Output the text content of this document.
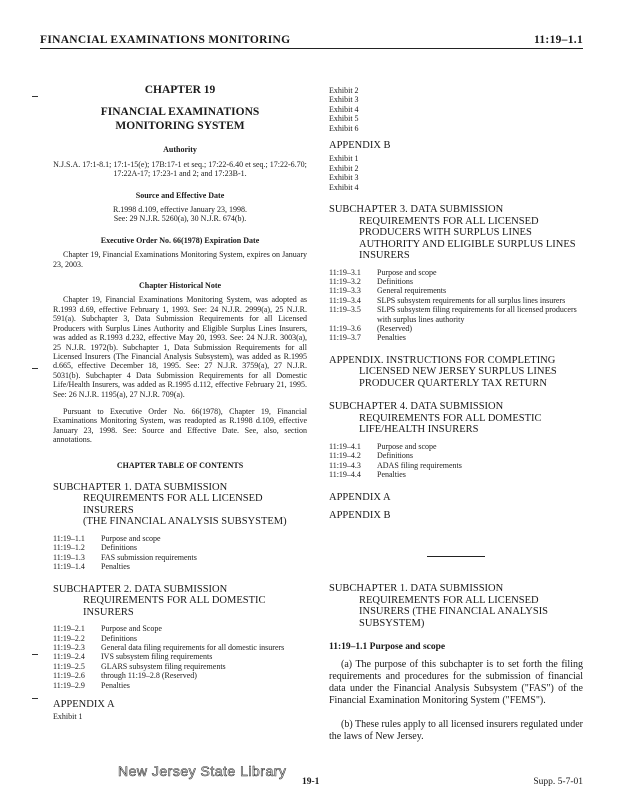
FINANCIAL EXAMINATIONS MONITORING	11:19–1.1
CHAPTER 19
FINANCIAL EXAMINATIONS
MONITORING SYSTEM
Authority
N.J.S.A. 17:1-8.1; 17:1-15(e); 17B:17-1 et seq.; 17:22-6.40 et seq.; 17:22-6.70; 17:22A-17; 17:23-1 and 2; and 17:23B-1.
Source and Effective Date
R.1998 d.109, effective January 23, 1998.
See: 29 N.J.R. 5260(a), 30 N.J.R. 674(b).
Executive Order No. 66(1978) Expiration Date

Chapter 19, Financial Examinations Monitoring System, expires on January 23, 2003.

Chapter Historical Note

Chapter 19, Financial Examinations Monitoring System, was adopted as R.1993 d.69, effective February 1, 1993. See: 24 N.J.R. 2999(a), 25 N.J.R. 591(a). Subchapter 3, Data Submission Requirements for all Licensed Producers with Surplus Lines Authority and Eligible Surplus Lines Insurers, was added as R.1993 d.232, effective May 20, 1993. See: 24 N.J.R. 3003(a), 25 N.J.R. 1972(b). Subchapter 1, Data Submission Requirements for all Licensed Insurers (The Financial Analysis Subsystem), was added as R.1995 d.665, effective December 18, 1995. See: 27 N.J.R. 3759(a), 27 N.J.R. 5031(b). Subchapter 4 Data Submission Requirements for all Domestic Life/Health Insurers, was added as R.1995 d.112, effective February 21, 1995. See: 26 N.J.R. 1195(a), 27 N.J.R. 709(a).

Pursuant to Executive Order No. 66(1978), Chapter 19, Financial Examinations Monitoring System, was readopted as R.1998 d.109, effective January 23, 1998. See: Source and Effective Date. See, also, section annotations.

CHAPTER TABLE OF CONTENTS
SUBCHAPTER 1. DATA SUBMISSION
REQUIREMENTS FOR ALL LICENSED INSURERS
(THE FINANCIAL ANALYSIS SUBSYSTEM)
11:19–1.1	Purpose and scope
11:19–1.2	Definitions
11:19–1.3	FAS submission requirements
11:19–1.4	Penalties
SUBCHAPTER 2. DATA SUBMISSION
REQUIREMENTS FOR ALL DOMESTIC
INSURERS
11:19–2.1	Purpose and Scope
11:19–2.2	Definitions
11:19–2.3	General data filing requirements for all domestic insurers
11:19–2.4	IVS subsystem filing requirements
11:19–2.5	GLARS subsystem filing requirements
11:19–2.6	through 11:19–2.8 (Reserved)
11:19–2.9	Penalties
APPENDIX A
Exhibit 1
Exhibit 2
Exhibit 3
Exhibit 4
Exhibit 5
Exhibit 6
APPENDIX B
Exhibit 1
Exhibit 2
Exhibit 3
Exhibit 4
SUBCHAPTER 3. DATA SUBMISSION
REQUIREMENTS FOR ALL LICENSED
PRODUCERS WITH SURPLUS LINES
AUTHORITY AND ELIGIBLE SURPLUS LINES
INSURERS
11:19–3.1	Purpose and scope
11:19–3.2	Definitions
11:19–3.3	General requirements
11:19–3.4	SLPS subsystem requirements for all surplus lines insurers
11:19–3.5	SLPS subsystem filing requirements for all licensed producers with surplus lines authority
11:19–3.6	(Reserved)
11:19–3.7	Penalties
APPENDIX. INSTRUCTIONS FOR COMPLETING
LICENSED NEW JERSEY SURPLUS LINES
PRODUCER QUARTERLY TAX RETURN
SUBCHAPTER 4. DATA SUBMISSION
REQUIREMENTS FOR ALL DOMESTIC
LIFE/HEALTH INSURERS
11:19–4.1	Purpose and scope
11:19–4.2	Definitions
11:19–4.3	ADAS filing requirements
11:19–4.4	Penalties
APPENDIX A
APPENDIX B
SUBCHAPTER 1. DATA SUBMISSION
REQUIREMENTS FOR ALL LICENSED
INSURERS (THE FINANCIAL ANALYSIS
SUBSYSTEM)
11:19–1.1 Purpose and scope

(a) The purpose of this subchapter is to set forth the filing requirements and procedures for the submission of financial data under the Financial Analysis Subsystem ("FAS") of the Financial Examination Monitoring System ("FEMS").

(b) These rules apply to all licensed insurers regulated under the laws of New Jersey.

New Jersey State Library
19-1	Supp. 5-7-01
